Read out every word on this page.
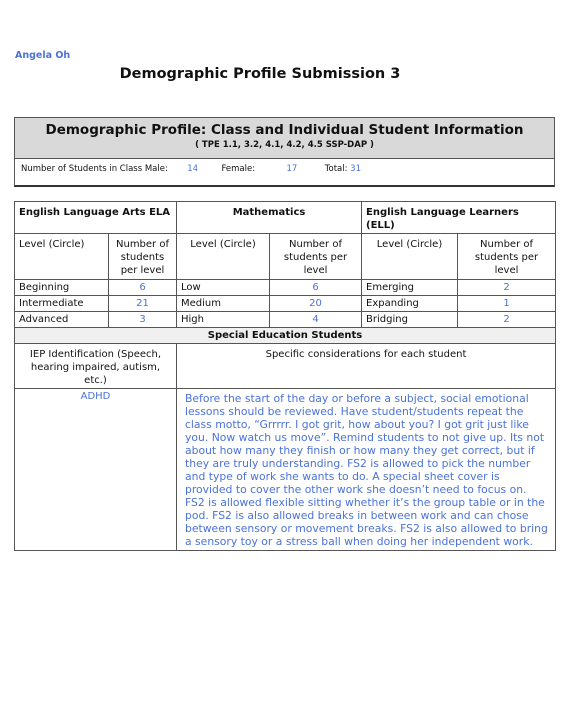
Angela Oh
Demographic Profile Submission 3
Demographic Profile: Class and Individual Student Information
( TPE 1.1, 3.2, 4.1, 4.2, 4.5 SSP-DAP )
Number of Students in Class Male: 14	Female:	17	Total: 31
English Language Arts ELA		Mathematics		English Language Learners (ELL)	
Level (Circle)	Number of students per level	Level (Circle)	Number of students per level	Level (Circle)	Number of students per level
Beginning	6	Low	6	Emerging	2
Intermediate	21	Medium	20	Expanding	1
Advanced	3	High	4	Bridging	2
Special Education Students					
IEP Identification (Speech, hearing impaired, autism, etc.)		Specific considerations for each student			
ADHD		Before the start of the day or before a subject, social emotional lessons should be reviewed. Have student/students repeat the class motto, “Grrrrr. I got grit, how about you? I got grit just like you. Now watch us move”. Remind students to not give up. Its not about how many they finish or how many they get correct, but if they are truly understanding. FS2 is allowed to pick the number and type of work she wants to do. A special sheet cover is provided to cover the other work she doesn’t need to focus on. FS2 is allowed flexible sitting whether it’s the group table or in the pod. FS2 is also allowed breaks in between work and can chose between sensory or movement breaks. FS2 is also allowed to bring a sensory toy or a stress ball when doing her independent work.			
